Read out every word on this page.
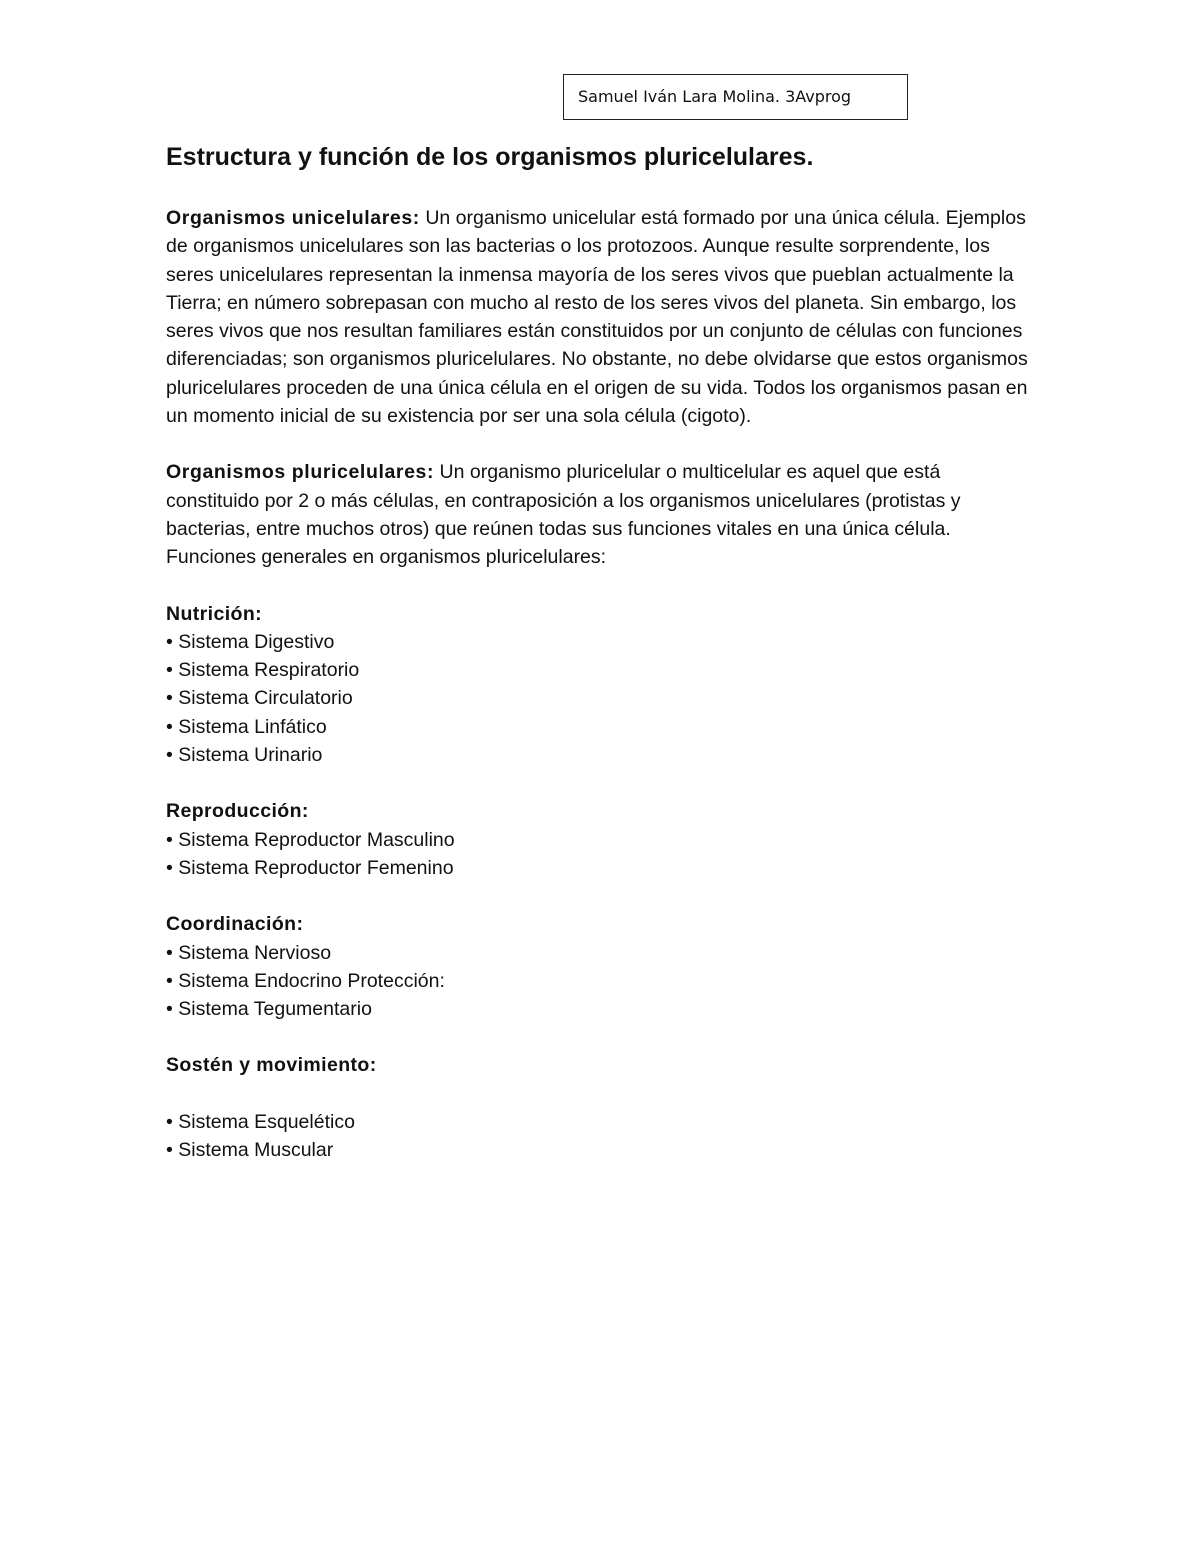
Samuel Iván Lara Molina. 3Avprog
Estructura y función de los organismos pluricelulares.

Organismos unicelulares: Un organismo unicelular está formado por una única célula. Ejemplos de organismos unicelulares son las bacterias o los protozoos. Aunque resulte sorprendente, los seres unicelulares representan la inmensa mayoría de los seres vivos que pueblan actualmente la Tierra; en número sobrepasan con mucho al resto de los seres vivos del planeta. Sin embargo, los seres vivos que nos resultan familiares están constituidos por un conjunto de células con funciones diferenciadas; son organismos pluricelulares. No obstante, no debe olvidarse que estos organismos pluricelulares proceden de una única célula en el origen de su vida. Todos los organismos pasan en un momento inicial de su existencia por ser una sola célula (cigoto).

Organismos pluricelulares: Un organismo pluricelular o multicelular es aquel que está constituido por 2 o más células, en contraposición a los organismos unicelulares (protistas y bacterias, entre muchos otros) que reúnen todas sus funciones vitales en una única célula. Funciones generales en organismos pluricelulares:

Nutrición:

• Sistema Digestivo
• Sistema Respiratorio
• Sistema Circulatorio
• Sistema Linfático
• Sistema Urinario

Reproducción:

• Sistema Reproductor Masculino
• Sistema Reproductor Femenino

Coordinación:

• Sistema Nervioso
• Sistema Endocrino Protección:
• Sistema Tegumentario

Sostén y movimiento:

• Sistema Esquelético
• Sistema Muscular
